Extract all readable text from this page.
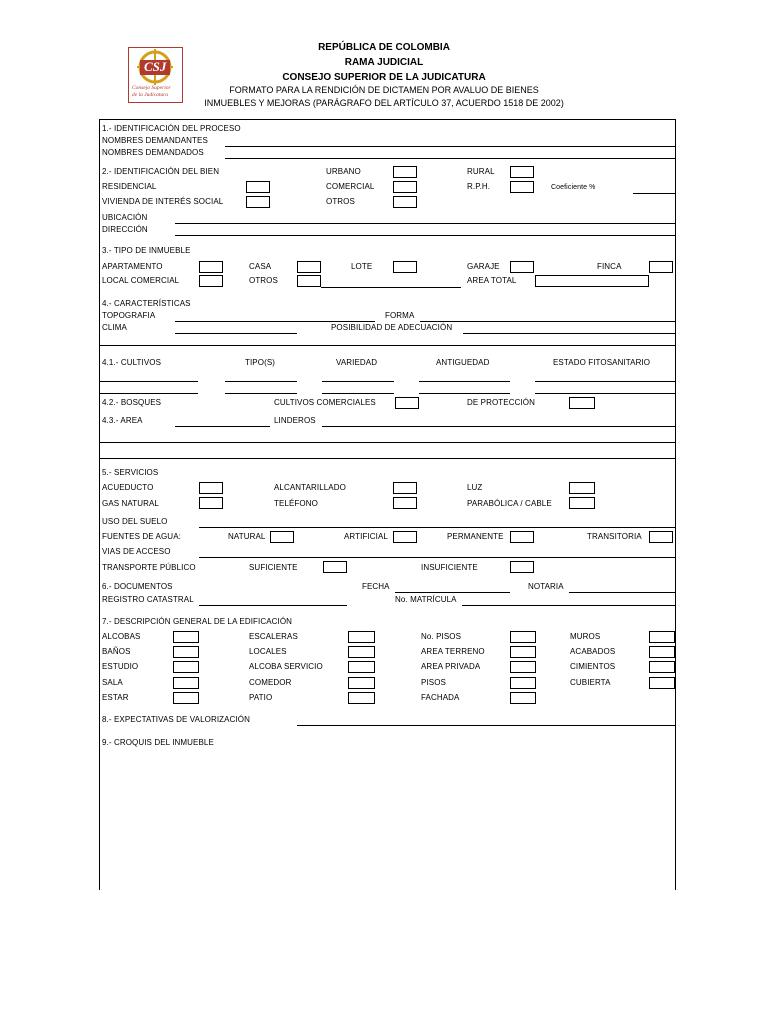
CSJ
Consejo Superior
de la Judicatura
REPÚBLICA DE COLOMBIA
RAMA JUDICIAL
CONSEJO SUPERIOR DE LA JUDICATURA
FORMATO PARA LA RENDICIÓN DE DICTAMEN POR AVALUO DE BIENES
INMUEBLES Y MEJORAS (PARÁGRAFO DEL ARTÍCULO 37, ACUERDO 1518 DE 2002)
1.- IDENTIFICACIÓN DEL PROCESO
NOMBRES DEMANDANTES
NOMBRES DEMANDADOS
2.- IDENTIFICACIÓN DEL BIEN	URBANO	RURAL
RESIDENCIAL	COMERCIAL	R.P.H.	Coeficiente %
VIVIENDA DE INTERÉS SOCIAL	OTROS
UBICACIÓN
DIRECCIÓN
3.- TIPO DE INMUEBLE
APARTAMENTO	CASA	LOTE	GARAJE	FINCA
LOCAL COMERCIAL	OTROS	AREA TOTAL
4.- CARACTERÍSTICAS
TOPOGRAFIA	FORMA
CLIMA	POSIBILIDAD DE ADECUACIÓN
4.1.- CULTIVOS	TIPO(S)	VARIEDAD	ANTIGUEDAD	ESTADO FITOSANITARIO
4.2.- BOSQUES	CULTIVOS COMERCIALES	DE PROTECCIÓN
4.3.- AREA	LINDEROS
5.- SERVICIOS
ACUEDUCTO	ALCANTARILLADO	LUZ
GAS NATURAL	TELÉFONO	PARABÓLICA / CABLE
USO DEL SUELO
FUENTES DE AGUA:	NATURAL	ARTIFICIAL	PERMANENTE	TRANSITORIA
VIAS DE ACCESO
TRANSPORTE PÚBLICO	SUFICIENTE	INSUFICIENTE
6.- DOCUMENTOS	FECHA	NOTARIA
REGISTRO CATASTRAL	No. MATRÍCULA
7.- DESCRIPCIÓN GENERAL DE LA EDIFICACIÓN
ALCOBAS	ESCALERAS	No. PISOS	MUROS
BAÑOS	LOCALES	AREA TERRENO	ACABADOS
ESTUDIO	ALCOBA SERVICIO	AREA PRIVADA	CIMIENTOS
SALA	COMEDOR	PISOS	CUBIERTA
ESTAR	PATIO	FACHADA
8.- EXPECTATIVAS DE VALORIZACIÓN
9.- CROQUIS DEL INMUEBLE
